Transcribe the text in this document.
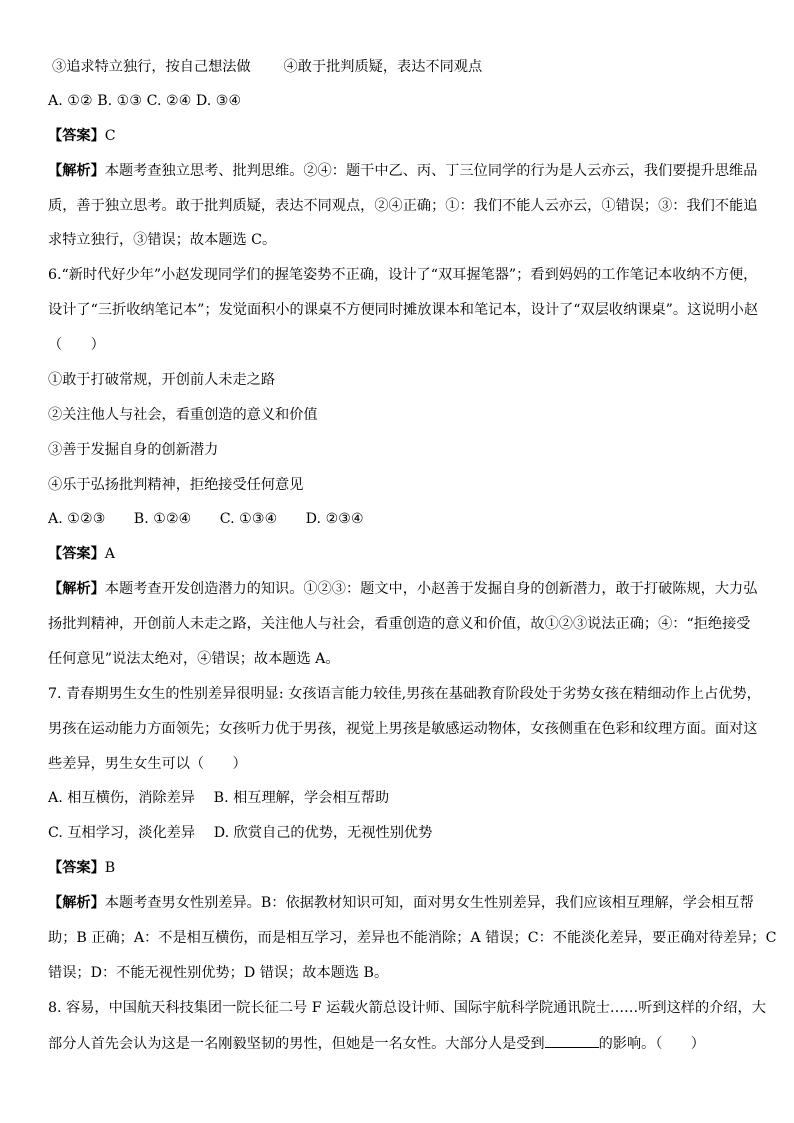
③追求特立独行，按自己想法做　　 ④敢于批判质疑，表达不同观点
A. ①② B. ①③ C. ②④ D. ③④
【答案】C
【解析】本题考查独立思考、批判思维。②④：题干中乙、丙、丁三位同学的行为是人云亦云，我们要提升思维品
质，善于独立思考。敢于批判质疑，表达不同观点，②④正确；①：我们不能人云亦云，①错误；③：我们不能追
求特立独行，③错误；故本题选 C。
6.“新时代好少年”小赵发现同学们的握笔姿势不正确，设计了“双耳握笔器”；看到妈妈的工作笔记本收纳不方便，
设计了“三折收纳笔记本”；发觉面积小的课桌不方便同时摊放课本和笔记本，设计了“双层收纳课桌”。这说明小赵
（　　）
①敢于打破常规，开创前人未走之路
②关注他人与社会，看重创造的意义和价值
③善于发掘自身的创新潜力
④乐于弘扬批判精神，拒绝接受任何意见
A. ①②③　　B. ①②④　　C. ①③④　　D. ②③④
【答案】A
【解析】本题考查开发创造潜力的知识。①②③：题文中，小赵善于发掘自身的创新潜力，敢于打破陈规，大力弘
扬批判精神，开创前人未走之路，关注他人与社会，看重创造的意义和价值，故①②③说法正确；④：“拒绝接受
任何意见”说法太绝对，④错误；故本题选 A。
7. 青春期男生女生的性别差异很明显: 女孩语言能力较佳,男孩在基础教育阶段处于劣势女孩在精细动作上占优势，
男孩在运动能力方面领先；女孩听力优于男孩，视觉上男孩是敏感运动物体，女孩侧重在色彩和纹理方面。面对这
些差异，男生女生可以（　　）
A. 相互横伤，消除差异　 B. 相互理解，学会相互帮助
C. 互相学习，淡化差异　 D. 欣赏自己的优势，无视性别优势
【答案】B
【解析】本题考查男女性别差异。B：依据教材知识可知，面对男女生性别差异，我们应该相互理解，学会相互帮
助；B 正确；A：不是相互横伤，而是相互学习，差异也不能消除；A 错误；C：不能淡化差异，要正确对待差异；C
错误；D：不能无视性别优势；D 错误；故本题选 B。
8. 容易，中国航天科技集团一院长征二号 F 运载火箭总设计师、国际宇航科学院通讯院士……听到这样的介绍，大
部分人首先会认为这是一名刚毅坚韧的男性，但她是一名女性。大部分人是受到	的影响。（　　）
